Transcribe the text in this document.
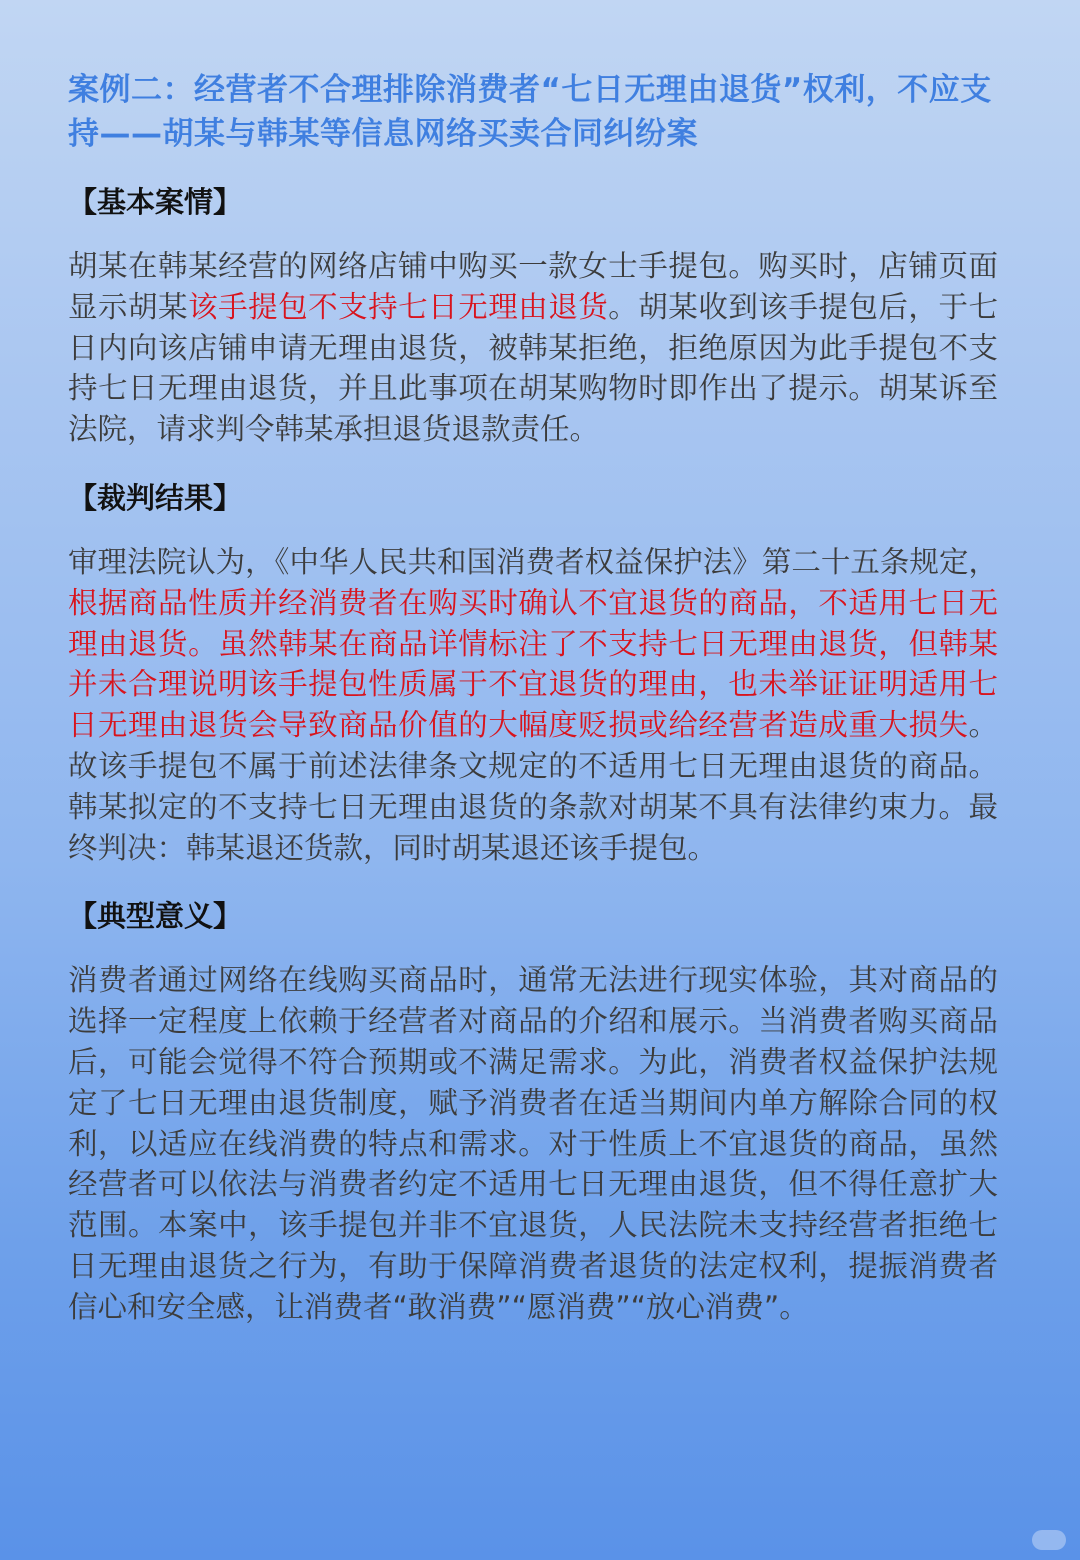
案例二：经营者不合理排除消费者“七日无理由退货”权利，不应支持——胡某与韩某等信息网络买卖合同纠纷案
【基本案情】

胡某在韩某经营的网络店铺中购买一款女士手提包。购买时，店铺页面显示胡某该手提包不支持七日无理由退货。胡某收到该手提包后，于七日内向该店铺申请无理由退货，被韩某拒绝，拒绝原因为此手提包不支持七日无理由退货，并且此事项在胡某购物时即作出了提示。胡某诉至法院，请求判令韩某承担退货退款责任。

【裁判结果】

审理法院认为，《中华人民共和国消费者权益保护法》第二十五条规定，根据商品性质并经消费者在购买时确认不宜退货的商品，不适用七日无理由退货。虽然韩某在商品详情标注了不支持七日无理由退货，但韩某并未合理说明该手提包性质属于不宜退货的理由，也未举证证明适用七日无理由退货会导致商品价值的大幅度贬损或给经营者造成重大损失。故该手提包不属于前述法律条文规定的不适用七日无理由退货的商品。韩某拟定的不支持七日无理由退货的条款对胡某不具有法律约束力。最终判决：韩某退还货款，同时胡某退还该手提包。

【典型意义】

消费者通过网络在线购买商品时，通常无法进行现实体验，其对商品的选择一定程度上依赖于经营者对商品的介绍和展示。当消费者购买商品后，可能会觉得不符合预期或不满足需求。为此，消费者权益保护法规定了七日无理由退货制度，赋予消费者在适当期间内单方解除合同的权利，以适应在线消费的特点和需求。对于性质上不宜退货的商品，虽然经营者可以依法与消费者约定不适用七日无理由退货，但不得任意扩大范围。本案中，该手提包并非不宜退货，人民法院未支持经营者拒绝七日无理由退货之行为，有助于保障消费者退货的法定权利，提振消费者信心和安全感，让消费者“敢消费”“愿消费”“放心消费”。
